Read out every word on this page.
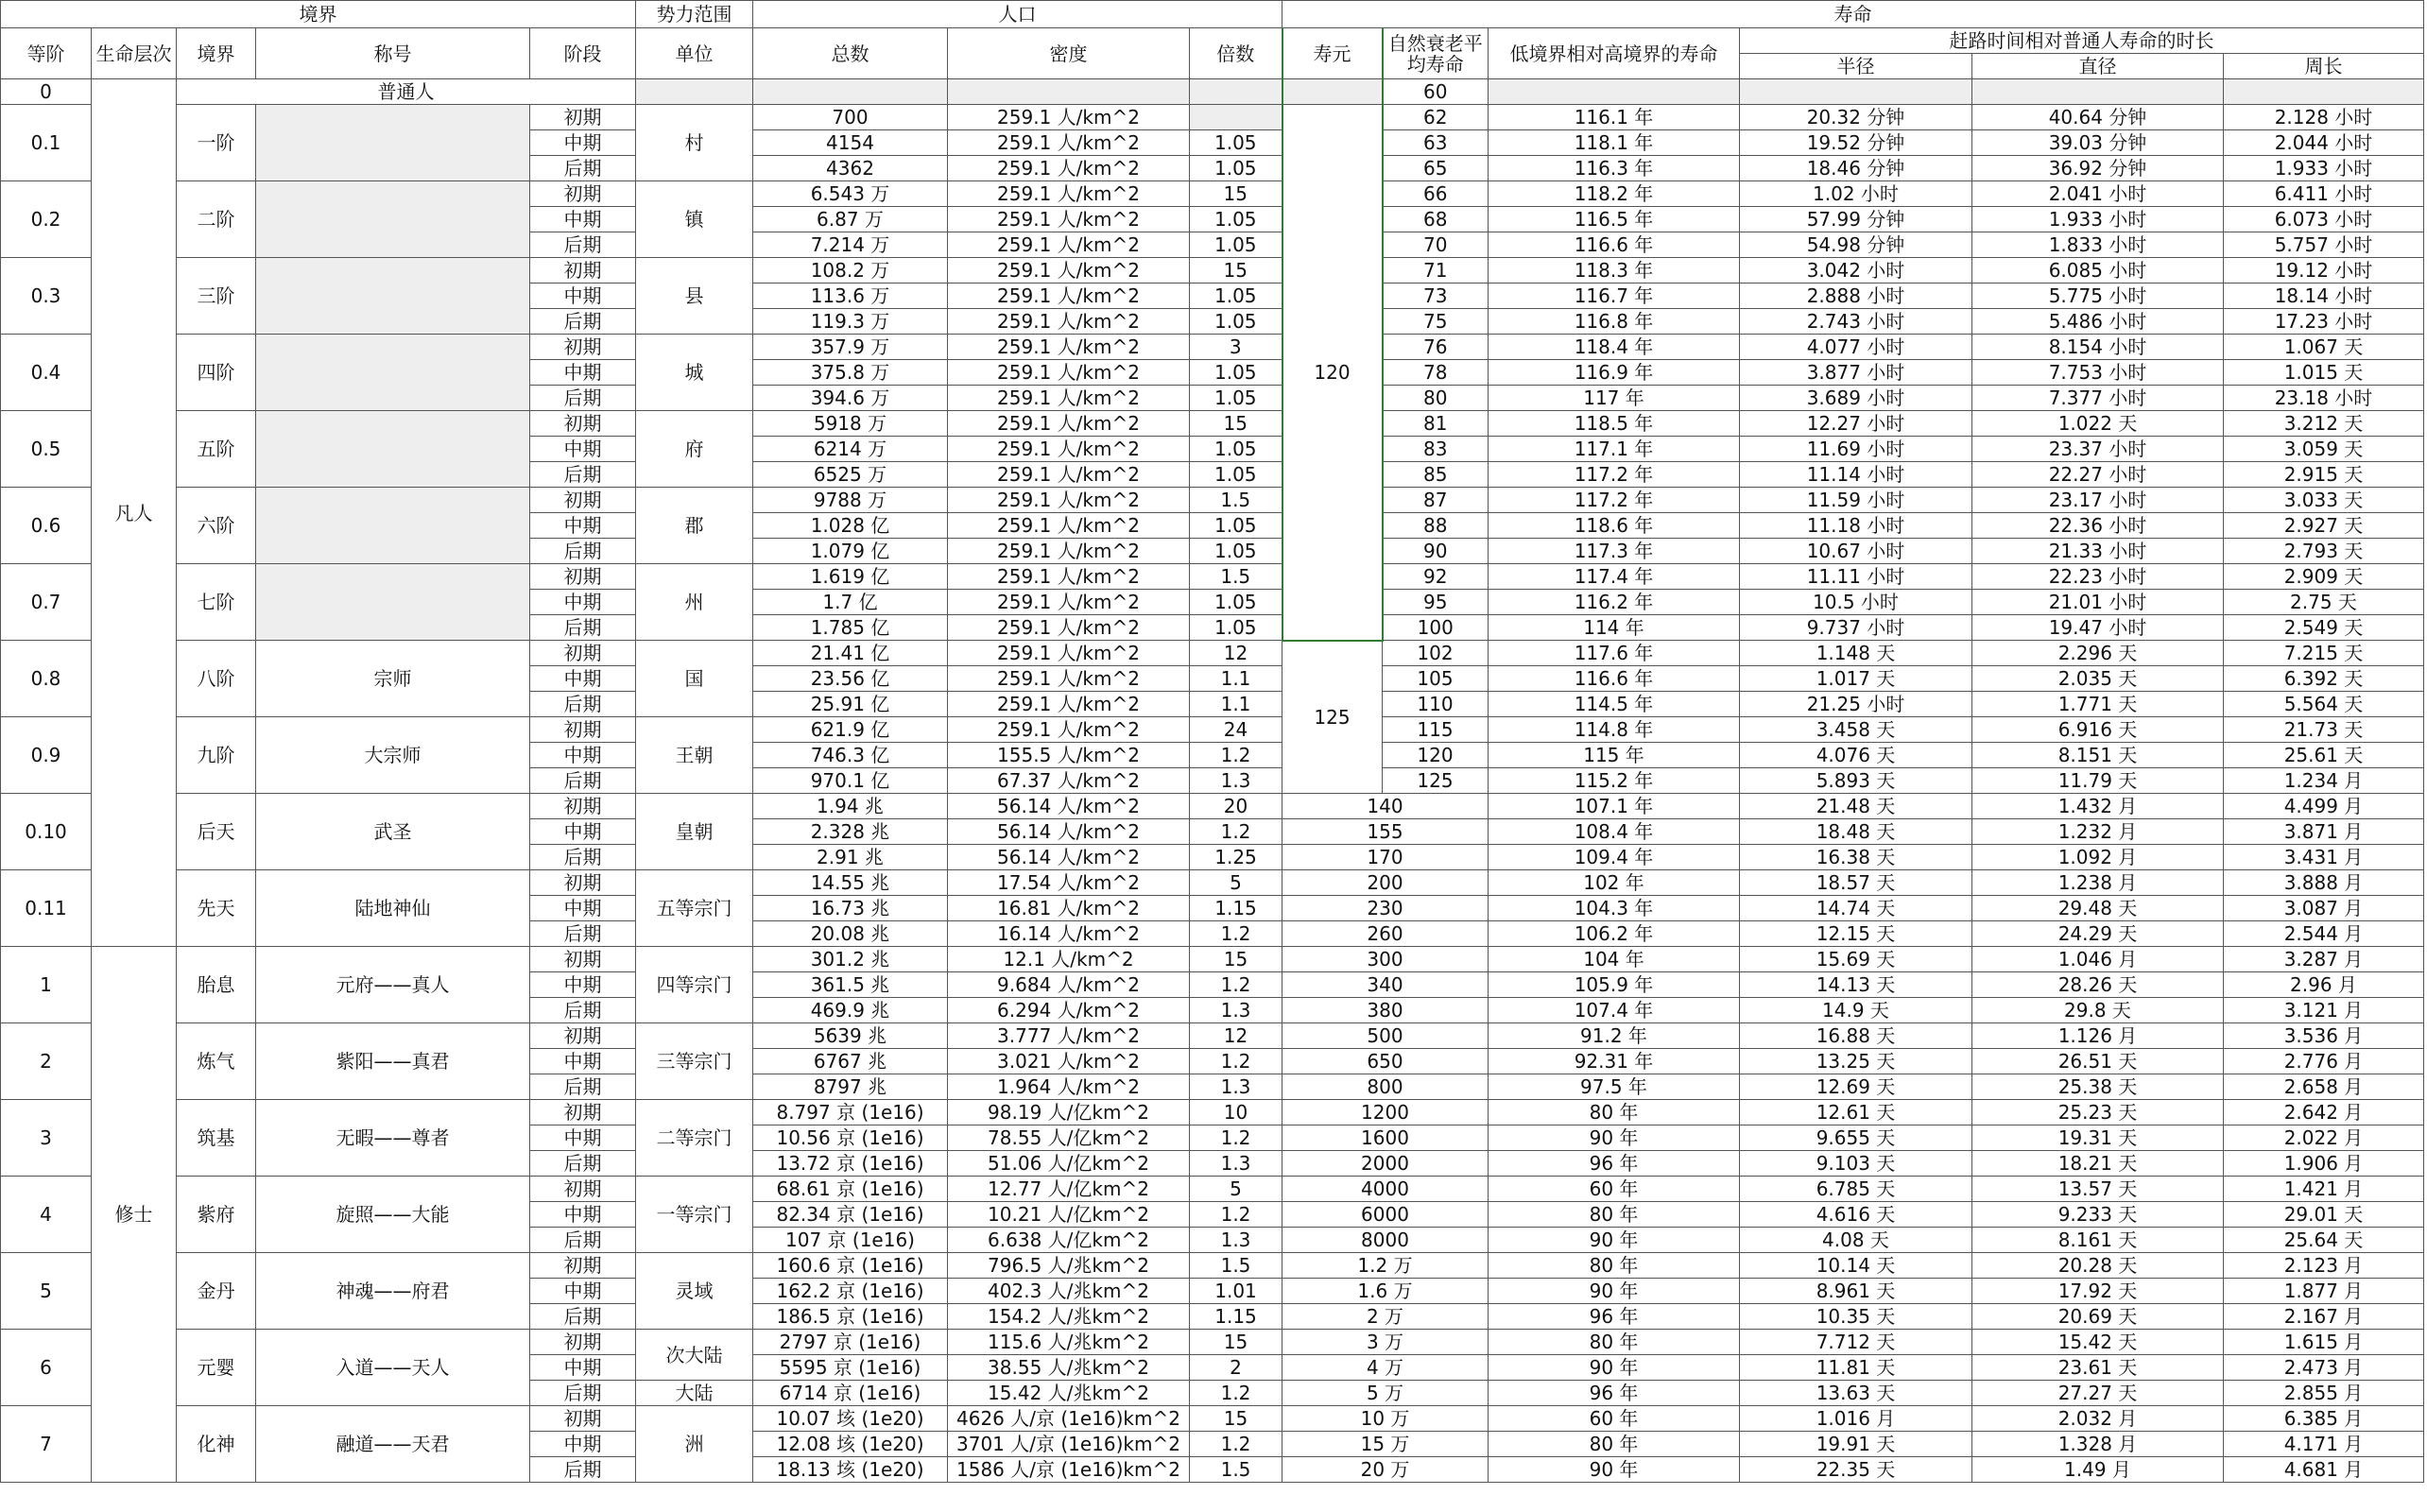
境界					势力范围	人口			寿命					
等阶	生命层次	境界	称号	阶段	单位	总数	密度	倍数	寿元	自然衰老平均寿命	低境界相对高境界的寿命	赶路时间相对普通人寿命的时长		
												半径	直径	周长
0	凡人	普通人								60				
0.1		一阶		初期	村	700	259.1 人/km^2		120	62	116.1 年	20.32 分钟	40.64 分钟	2.128 小时
				中期		4154	259.1 人/km^2	1.05		63	118.1 年	19.52 分钟	39.03 分钟	2.044 小时
				后期		4362	259.1 人/km^2	1.05		65	116.3 年	18.46 分钟	36.92 分钟	1.933 小时
0.2		二阶		初期	镇	6.543 万	259.1 人/km^2	15		66	118.2 年	1.02 小时	2.041 小时	6.411 小时
				中期		6.87 万	259.1 人/km^2	1.05		68	116.5 年	57.99 分钟	1.933 小时	6.073 小时
				后期		7.214 万	259.1 人/km^2	1.05		70	116.6 年	54.98 分钟	1.833 小时	5.757 小时
0.3		三阶		初期	县	108.2 万	259.1 人/km^2	15		71	118.3 年	3.042 小时	6.085 小时	19.12 小时
				中期		113.6 万	259.1 人/km^2	1.05		73	116.7 年	2.888 小时	5.775 小时	18.14 小时
				后期		119.3 万	259.1 人/km^2	1.05		75	116.8 年	2.743 小时	5.486 小时	17.23 小时
0.4		四阶		初期	城	357.9 万	259.1 人/km^2	3		76	118.4 年	4.077 小时	8.154 小时	1.067 天
				中期		375.8 万	259.1 人/km^2	1.05		78	116.9 年	3.877 小时	7.753 小时	1.015 天
				后期		394.6 万	259.1 人/km^2	1.05		80	117 年	3.689 小时	7.377 小时	23.18 小时
0.5		五阶		初期	府	5918 万	259.1 人/km^2	15		81	118.5 年	12.27 小时	1.022 天	3.212 天
				中期		6214 万	259.1 人/km^2	1.05		83	117.1 年	11.69 小时	23.37 小时	3.059 天
				后期		6525 万	259.1 人/km^2	1.05		85	117.2 年	11.14 小时	22.27 小时	2.915 天
0.6		六阶		初期	郡	9788 万	259.1 人/km^2	1.5		87	117.2 年	11.59 小时	23.17 小时	3.033 天
				中期		1.028 亿	259.1 人/km^2	1.05		88	118.6 年	11.18 小时	22.36 小时	2.927 天
				后期		1.079 亿	259.1 人/km^2	1.05		90	117.3 年	10.67 小时	21.33 小时	2.793 天
0.7		七阶		初期	州	1.619 亿	259.1 人/km^2	1.5		92	117.4 年	11.11 小时	22.23 小时	2.909 天
				中期		1.7 亿	259.1 人/km^2	1.05		95	116.2 年	10.5 小时	21.01 小时	2.75 天
				后期		1.785 亿	259.1 人/km^2	1.05		100	114 年	9.737 小时	19.47 小时	2.549 天
0.8		八阶	宗师	初期	国	21.41 亿	259.1 人/km^2	12	125	102	117.6 年	1.148 天	2.296 天	7.215 天
				中期		23.56 亿	259.1 人/km^2	1.1		105	116.6 年	1.017 天	2.035 天	6.392 天
				后期		25.91 亿	259.1 人/km^2	1.1		110	114.5 年	21.25 小时	1.771 天	5.564 天
0.9		九阶	大宗师	初期	王朝	621.9 亿	259.1 人/km^2	24		115	114.8 年	3.458 天	6.916 天	21.73 天
				中期		746.3 亿	155.5 人/km^2	1.2		120	115 年	4.076 天	8.151 天	25.61 天
				后期		970.1 亿	67.37 人/km^2	1.3		125	115.2 年	5.893 天	11.79 天	1.234 月
0.10		后天	武圣	初期	皇朝	1.94 兆	56.14 人/km^2	20	140		107.1 年	21.48 天	1.432 月	4.499 月
				中期		2.328 兆	56.14 人/km^2	1.2	155		108.4 年	18.48 天	1.232 月	3.871 月
				后期		2.91 兆	56.14 人/km^2	1.25	170		109.4 年	16.38 天	1.092 月	3.431 月
0.11		先天	陆地神仙	初期	五等宗门	14.55 兆	17.54 人/km^2	5	200		102 年	18.57 天	1.238 月	3.888 月
				中期		16.73 兆	16.81 人/km^2	1.15	230		104.3 年	14.74 天	29.48 天	3.087 月
				后期		20.08 兆	16.14 人/km^2	1.2	260		106.2 年	12.15 天	24.29 天	2.544 月
1	修士	胎息	元府——真人	初期	四等宗门	301.2 兆	12.1 人/km^2	15	300		104 年	15.69 天	1.046 月	3.287 月
				中期		361.5 兆	9.684 人/km^2	1.2	340		105.9 年	14.13 天	28.26 天	2.96 月
				后期		469.9 兆	6.294 人/km^2	1.3	380		107.4 年	14.9 天	29.8 天	3.121 月
2		炼气	紫阳——真君	初期	三等宗门	5639 兆	3.777 人/km^2	12	500		91.2 年	16.88 天	1.126 月	3.536 月
				中期		6767 兆	3.021 人/km^2	1.2	650		92.31 年	13.25 天	26.51 天	2.776 月
				后期		8797 兆	1.964 人/km^2	1.3	800		97.5 年	12.69 天	25.38 天	2.658 月
3		筑基	无暇——尊者	初期	二等宗门	8.797 京 (1e16)	98.19 人/亿km^2	10	1200		80 年	12.61 天	25.23 天	2.642 月
				中期		10.56 京 (1e16)	78.55 人/亿km^2	1.2	1600		90 年	9.655 天	19.31 天	2.022 月
				后期		13.72 京 (1e16)	51.06 人/亿km^2	1.3	2000		96 年	9.103 天	18.21 天	1.906 月
4		紫府	旋照——大能	初期	一等宗门	68.61 京 (1e16)	12.77 人/亿km^2	5	4000		60 年	6.785 天	13.57 天	1.421 月
				中期		82.34 京 (1e16)	10.21 人/亿km^2	1.2	6000		80 年	4.616 天	9.233 天	29.01 天
				后期		107 京 (1e16)	6.638 人/亿km^2	1.3	8000		90 年	4.08 天	8.161 天	25.64 天
5		金丹	神魂——府君	初期	灵域	160.6 京 (1e16)	796.5 人/兆km^2	1.5	1.2 万		80 年	10.14 天	20.28 天	2.123 月
				中期		162.2 京 (1e16)	402.3 人/兆km^2	1.01	1.6 万		90 年	8.961 天	17.92 天	1.877 月
				后期		186.5 京 (1e16)	154.2 人/兆km^2	1.15	2 万		96 年	10.35 天	20.69 天	2.167 月
6		元婴	入道——天人	初期	次大陆	2797 京 (1e16)	115.6 人/兆km^2	15	3 万		80 年	7.712 天	15.42 天	1.615 月
				中期		5595 京 (1e16)	38.55 人/兆km^2	2	4 万		90 年	11.81 天	23.61 天	2.473 月
				后期	大陆	6714 京 (1e16)	15.42 人/兆km^2	1.2	5 万		96 年	13.63 天	27.27 天	2.855 月
7		化神	融道——天君	初期	洲	10.07 垓 (1e20)	4626 人/京 (1e16)km^2	15	10 万		60 年	1.016 月	2.032 月	6.385 月
				中期		12.08 垓 (1e20)	3701 人/京 (1e16)km^2	1.2	15 万		80 年	19.91 天	1.328 月	4.171 月
				后期		18.13 垓 (1e20)	1586 人/京 (1e16)km^2	1.5	20 万		90 年	22.35 天	1.49 月	4.681 月
